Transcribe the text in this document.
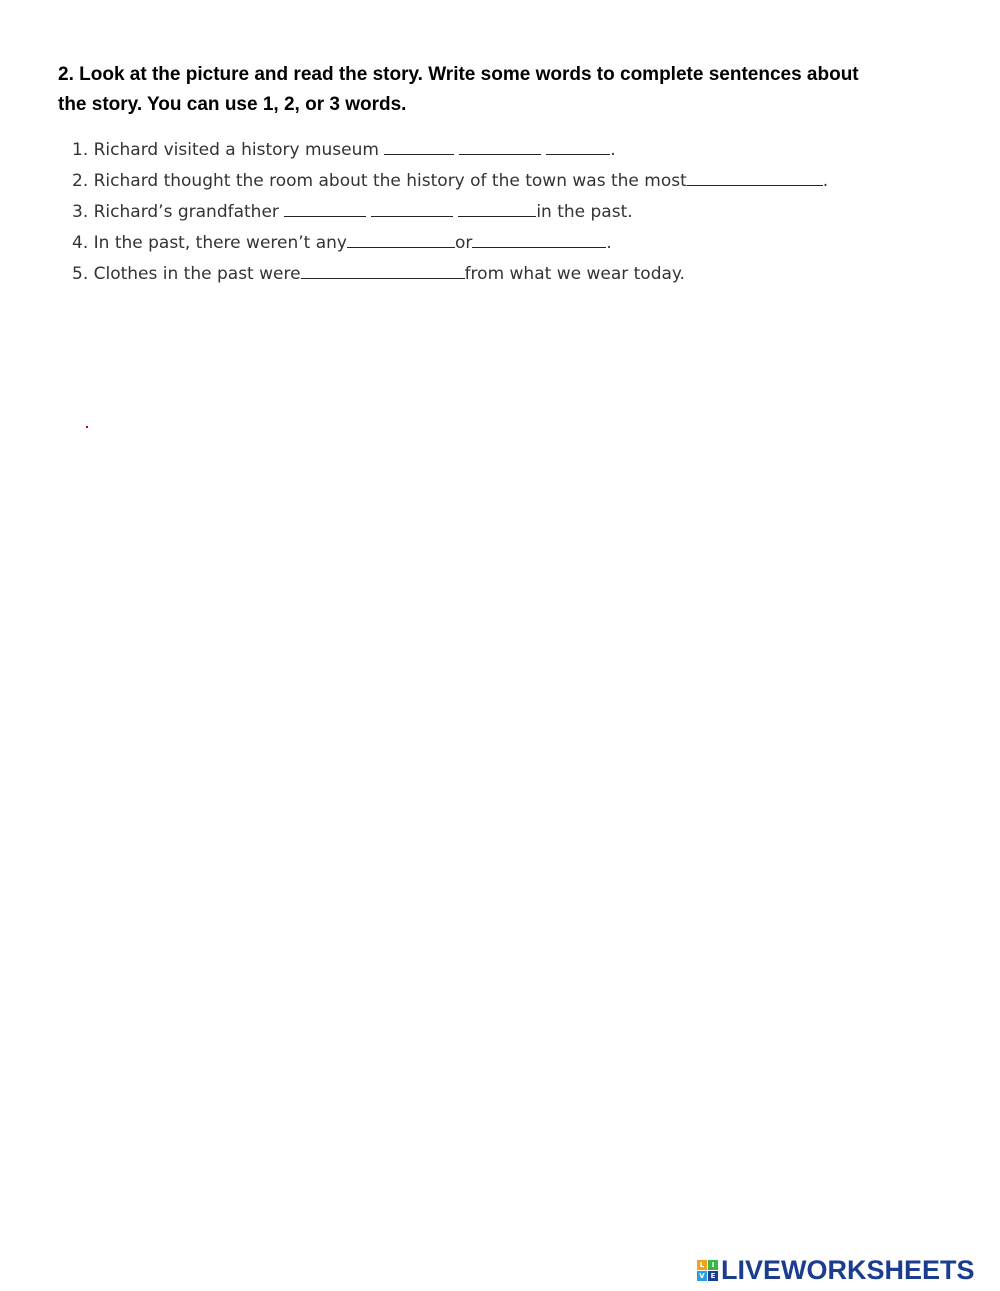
2. Look at the picture and read the story. Write some words to complete sentences about
the story. You can use 1, 2, or 3 words.
1. Richard visited a history museum	.
2. Richard thought the room about the history of the town was the most	.
3. Richard’s grandfather	in the past.
4. In the past, there weren’t any	or	.
5. Clothes in the past were	from what we wear today.
L	I
V E LIVEWORKSHEETS
